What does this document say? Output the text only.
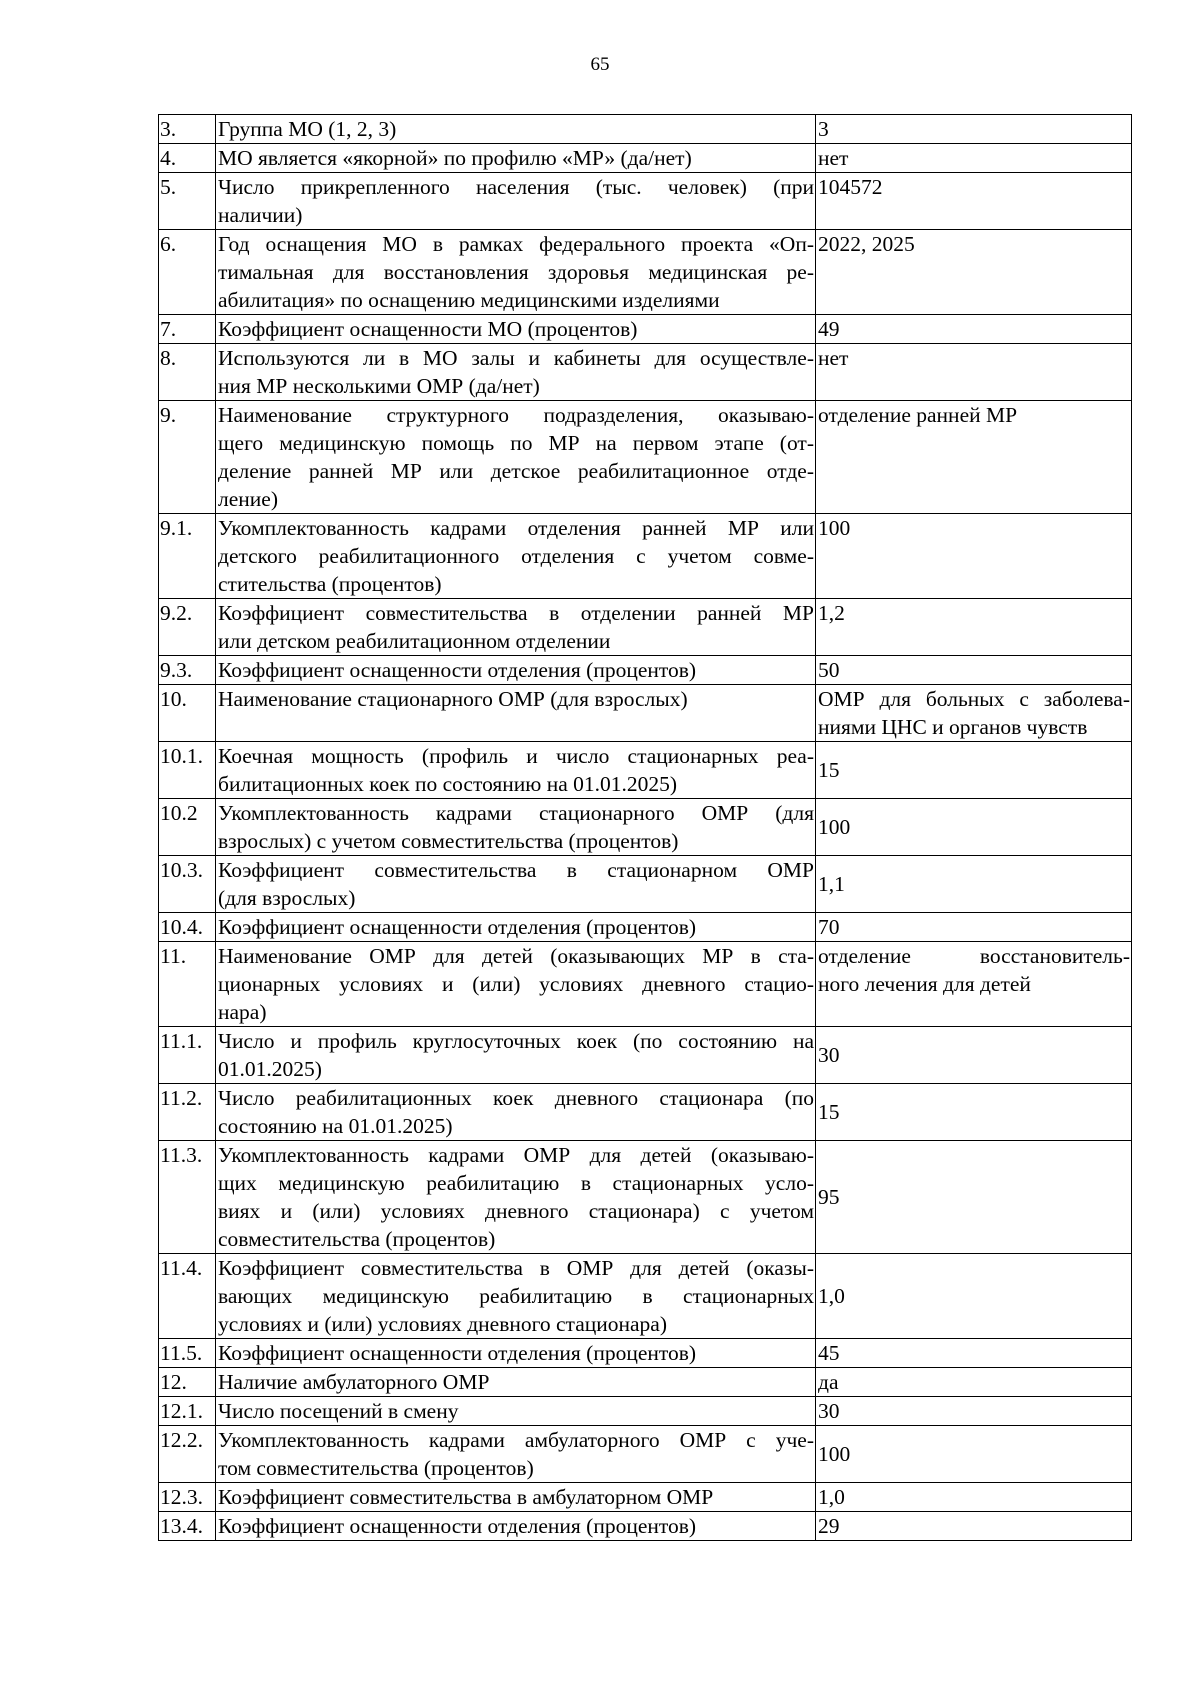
65
3.	Группа МО (1, 2, 3)	3

4.	МО является «якорной» по профилю «МР» (да/нет)	нет

5.	Число прикрепленного населения (тыс. человек) (при
наличии)	104572

6.	Год оснащения МО в рамках федерального проекта «Оп-
тимальная для восстановления здоровья медицинская ре-
абилитация» по оснащению медицинскими изделиями	2022, 2025

7.	Коэффициент оснащенности МО (процентов)	49

8.	Используются ли в МО залы и кабинеты для осуществле-
ния МР несколькими ОМР (да/нет)	нет

9.	Наименование структурного подразделения, оказываю-
щего медицинскую помощь по МР на первом этапе (от-
деление ранней МР или детское реабилитационное отде-
ление)	отделение ранней МР

9.1.	Укомплектованность кадрами отделения ранней МР или
детского реабилитационного отделения с учетом совме-
стительства (процентов)	100

9.2.	Коэффициент совместительства в отделении ранней МР
или детском реабилитационном отделении	1,2

9.3.	Коэффициент оснащенности отделения (процентов)	50

10.	Наименование стационарного ОМР (для взрослых)	ОМР для больных с заболева-
ниями ЦНС и органов чувств

10.1.	Коечная мощность (профиль и число стационарных реа-
билитационных коек по состоянию на 01.01.2025)	15

10.2	Укомплектованность кадрами стационарного ОМР (для
взрослых) с учетом совместительства (процентов)	100

10.3.	Коэффициент совместительства в стационарном ОМР
(для взрослых)	1,1

10.4.	Коэффициент оснащенности отделения (процентов)	70

11.	Наименование ОМР для детей (оказывающих МР в ста-
ционарных условиях и (или) условиях дневного стацио-
нара)	отделение восстановитель-
ного лечения для детей

11.1.	Число и профиль круглосуточных коек (по состоянию на
01.01.2025)	30

11.2.	Число реабилитационных коек дневного стационара (по
состоянию на 01.01.2025)	15

11.3.	Укомплектованность кадрами ОМР для детей (оказываю-
щих медицинскую реабилитацию в стационарных усло-
виях и (или) условиях дневного стационара) с учетом
совместительства (процентов)	95

11.4.	Коэффициент совместительства в ОМР для детей (оказы-
вающих медицинскую реабилитацию в стационарных
условиях и (или) условиях дневного стационара)	1,0

11.5.	Коэффициент оснащенности отделения (процентов)	45

12.	Наличие амбулаторного ОМР	да

12.1.	Число посещений в смену	30

12.2.	Укомплектованность кадрами амбулаторного ОМР с уче-
том совместительства (процентов)	100

12.3.	Коэффициент совместительства в амбулаторном ОМР	1,0

13.4.	Коэффициент оснащенности отделения (процентов)	29
